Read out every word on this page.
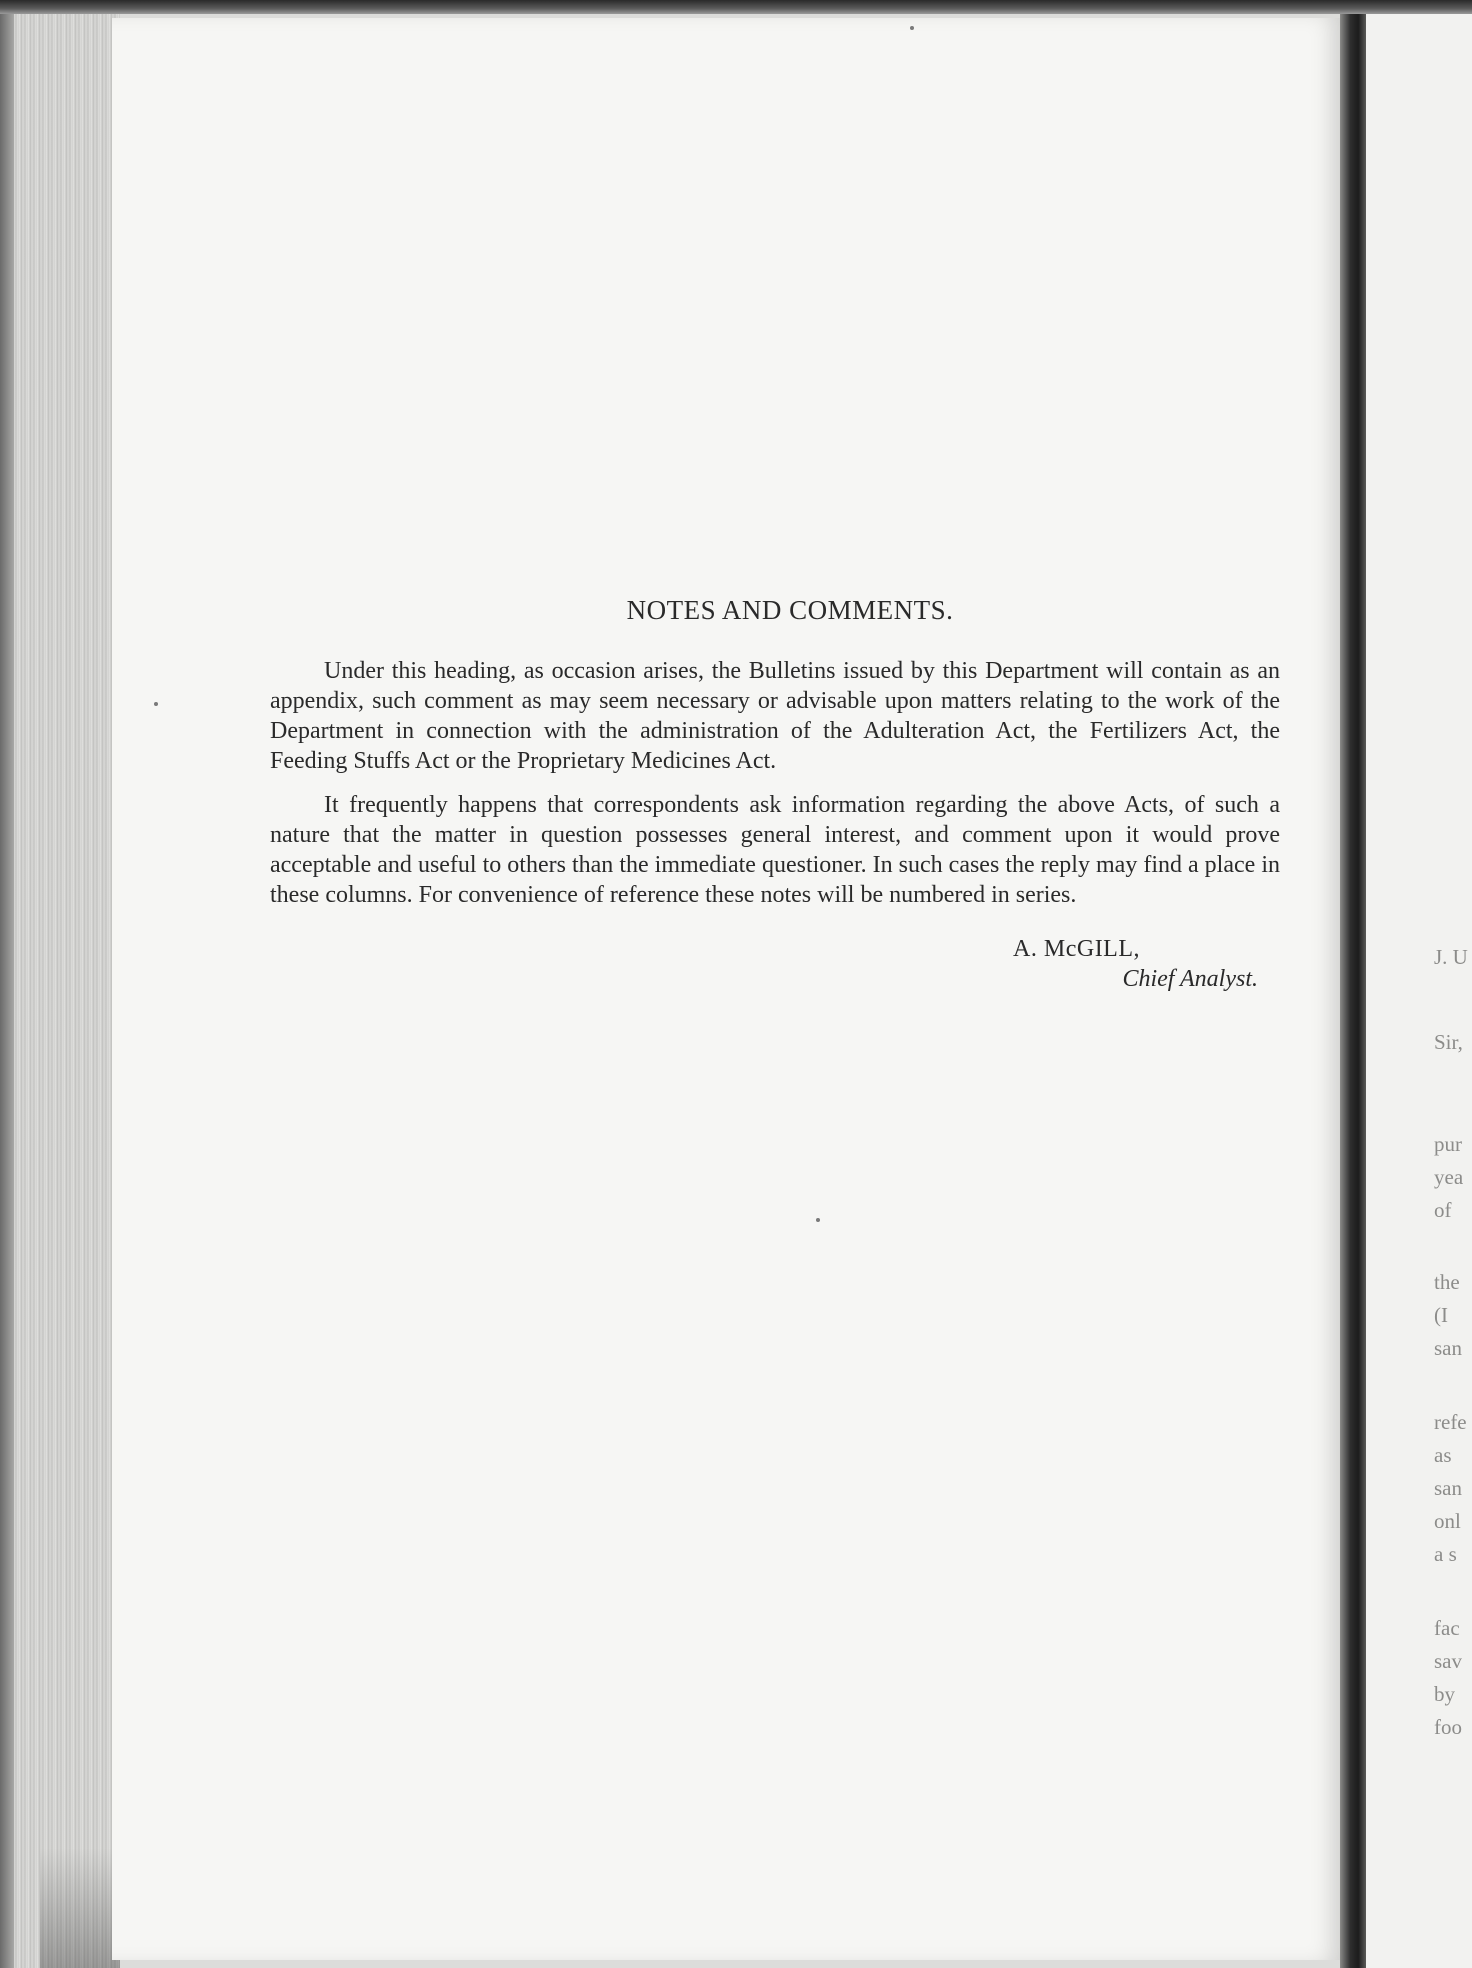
NOTES AND COMMENTS.

Under this heading, as occasion arises, the Bulletins issued by this Department will contain as an appendix, such comment as may seem necessary or advisable upon matters relating to the work of the Department in connection with the administration of the Adulteration Act, the Fertilizers Act, the Feeding Stuffs Act or the Proprietary Medicines Act.

It frequently happens that correspondents ask information regarding the above Acts, of such a nature that the matter in question possesses general interest, and comment upon it would prove acceptable and useful to others than the immediate questioner. In such cases the reply may find a place in these columns. For convenience of reference these notes will be numbered in series.

A. McGILL,
Chief Analyst.
J. U
Sir,
pur
yea
of
the
(I
san
refe
as
san
onl
a s
fac
sav
by
foo
